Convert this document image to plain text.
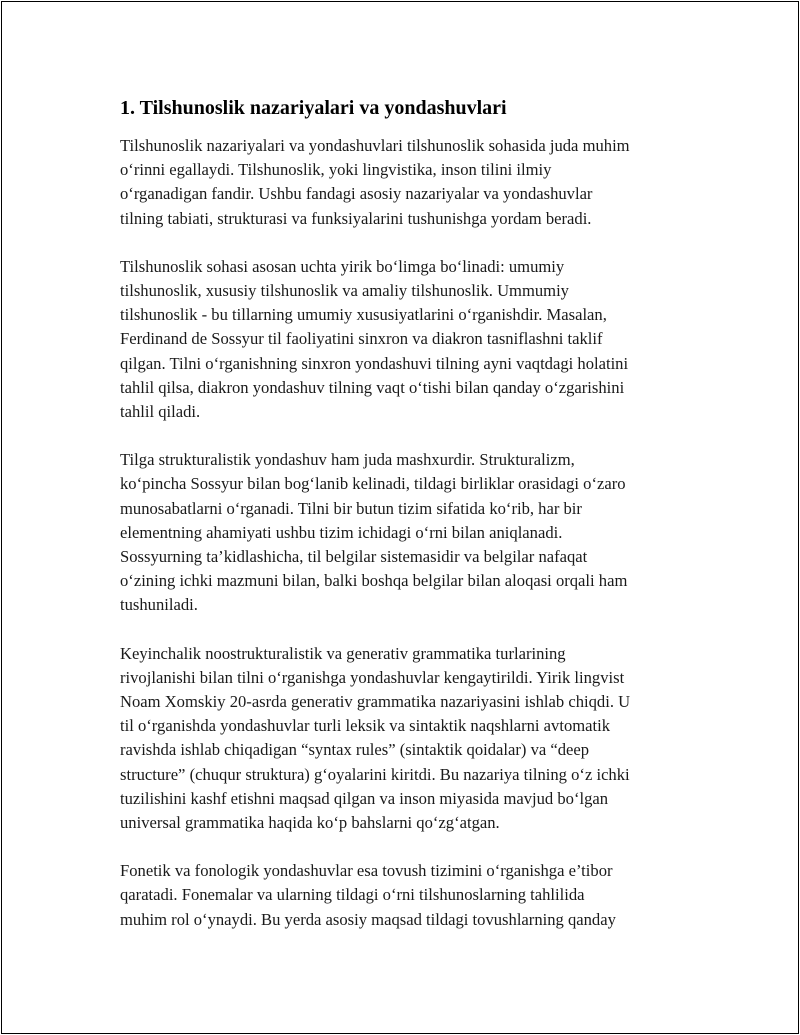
1. Tilshunoslik nazariyalari va yondashuvlari

Tilshunoslik nazariyalari va yondashuvlari tilshunoslik sohasida juda muhim
o‘rinni egallaydi. Tilshunoslik, yoki lingvistika, inson tilini ilmiy
o‘rganadigan fandir. Ushbu fandagi asosiy nazariyalar va yondashuvlar
tilning tabiati, strukturasi va funksiyalarini tushunishga yordam beradi.

Tilshunoslik sohasi asosan uchta yirik bo‘limga bo‘linadi: umumiy
tilshunoslik, xususiy tilshunoslik va amaliy tilshunoslik. Ummumiy
tilshunoslik - bu tillarning umumiy xususiyatlarini o‘rganishdir. Masalan,
Ferdinand de Sossyur til faoliyatini sinxron va diakron tasniflashni taklif
qilgan. Tilni o‘rganishning sinxron yondashuvi tilning ayni vaqtdagi holatini
tahlil qilsa, diakron yondashuv tilning vaqt o‘tishi bilan qanday o‘zgarishini
tahlil qiladi.

Tilga strukturalistik yondashuv ham juda mashxurdir. Strukturalizm,
ko‘pincha Sossyur bilan bog‘lanib kelinadi, tildagi birliklar orasidagi o‘zaro
munosabatlarni o‘rganadi. Tilni bir butun tizim sifatida ko‘rib, har bir
elementning ahamiyati ushbu tizim ichidagi o‘rni bilan aniqlanadi.
Sossyurning ta’kidlashicha, til belgilar sistemasidir va belgilar nafaqat
o‘zining ichki mazmuni bilan, balki boshqa belgilar bilan aloqasi orqali ham
tushuniladi.

Keyinchalik noostrukturalistik va generativ grammatika turlarining
rivojlanishi bilan tilni o‘rganishga yondashuvlar kengaytirildi. Yirik lingvist
Noam Xomskiy 20-asrda generativ grammatika nazariyasini ishlab chiqdi. U
til o‘rganishda yondashuvlar turli leksik va sintaktik naqshlarni avtomatik
ravishda ishlab chiqadigan “syntax rules” (sintaktik qoidalar) va “deep
structure” (chuqur struktura) g‘oyalarini kiritdi. Bu nazariya tilning o‘z ichki
tuzilishini kashf etishni maqsad qilgan va inson miyasida mavjud bo‘lgan
universal grammatika haqida ko‘p bahslarni qo‘zg‘atgan.

Fonetik va fonologik yondashuvlar esa tovush tizimini o‘rganishga e’tibor
qaratadi. Fonemalar va ularning tildagi o‘rni tilshunoslarning tahlilida
muhim rol o‘ynaydi. Bu yerda asosiy maqsad tildagi tovushlarning qanday
